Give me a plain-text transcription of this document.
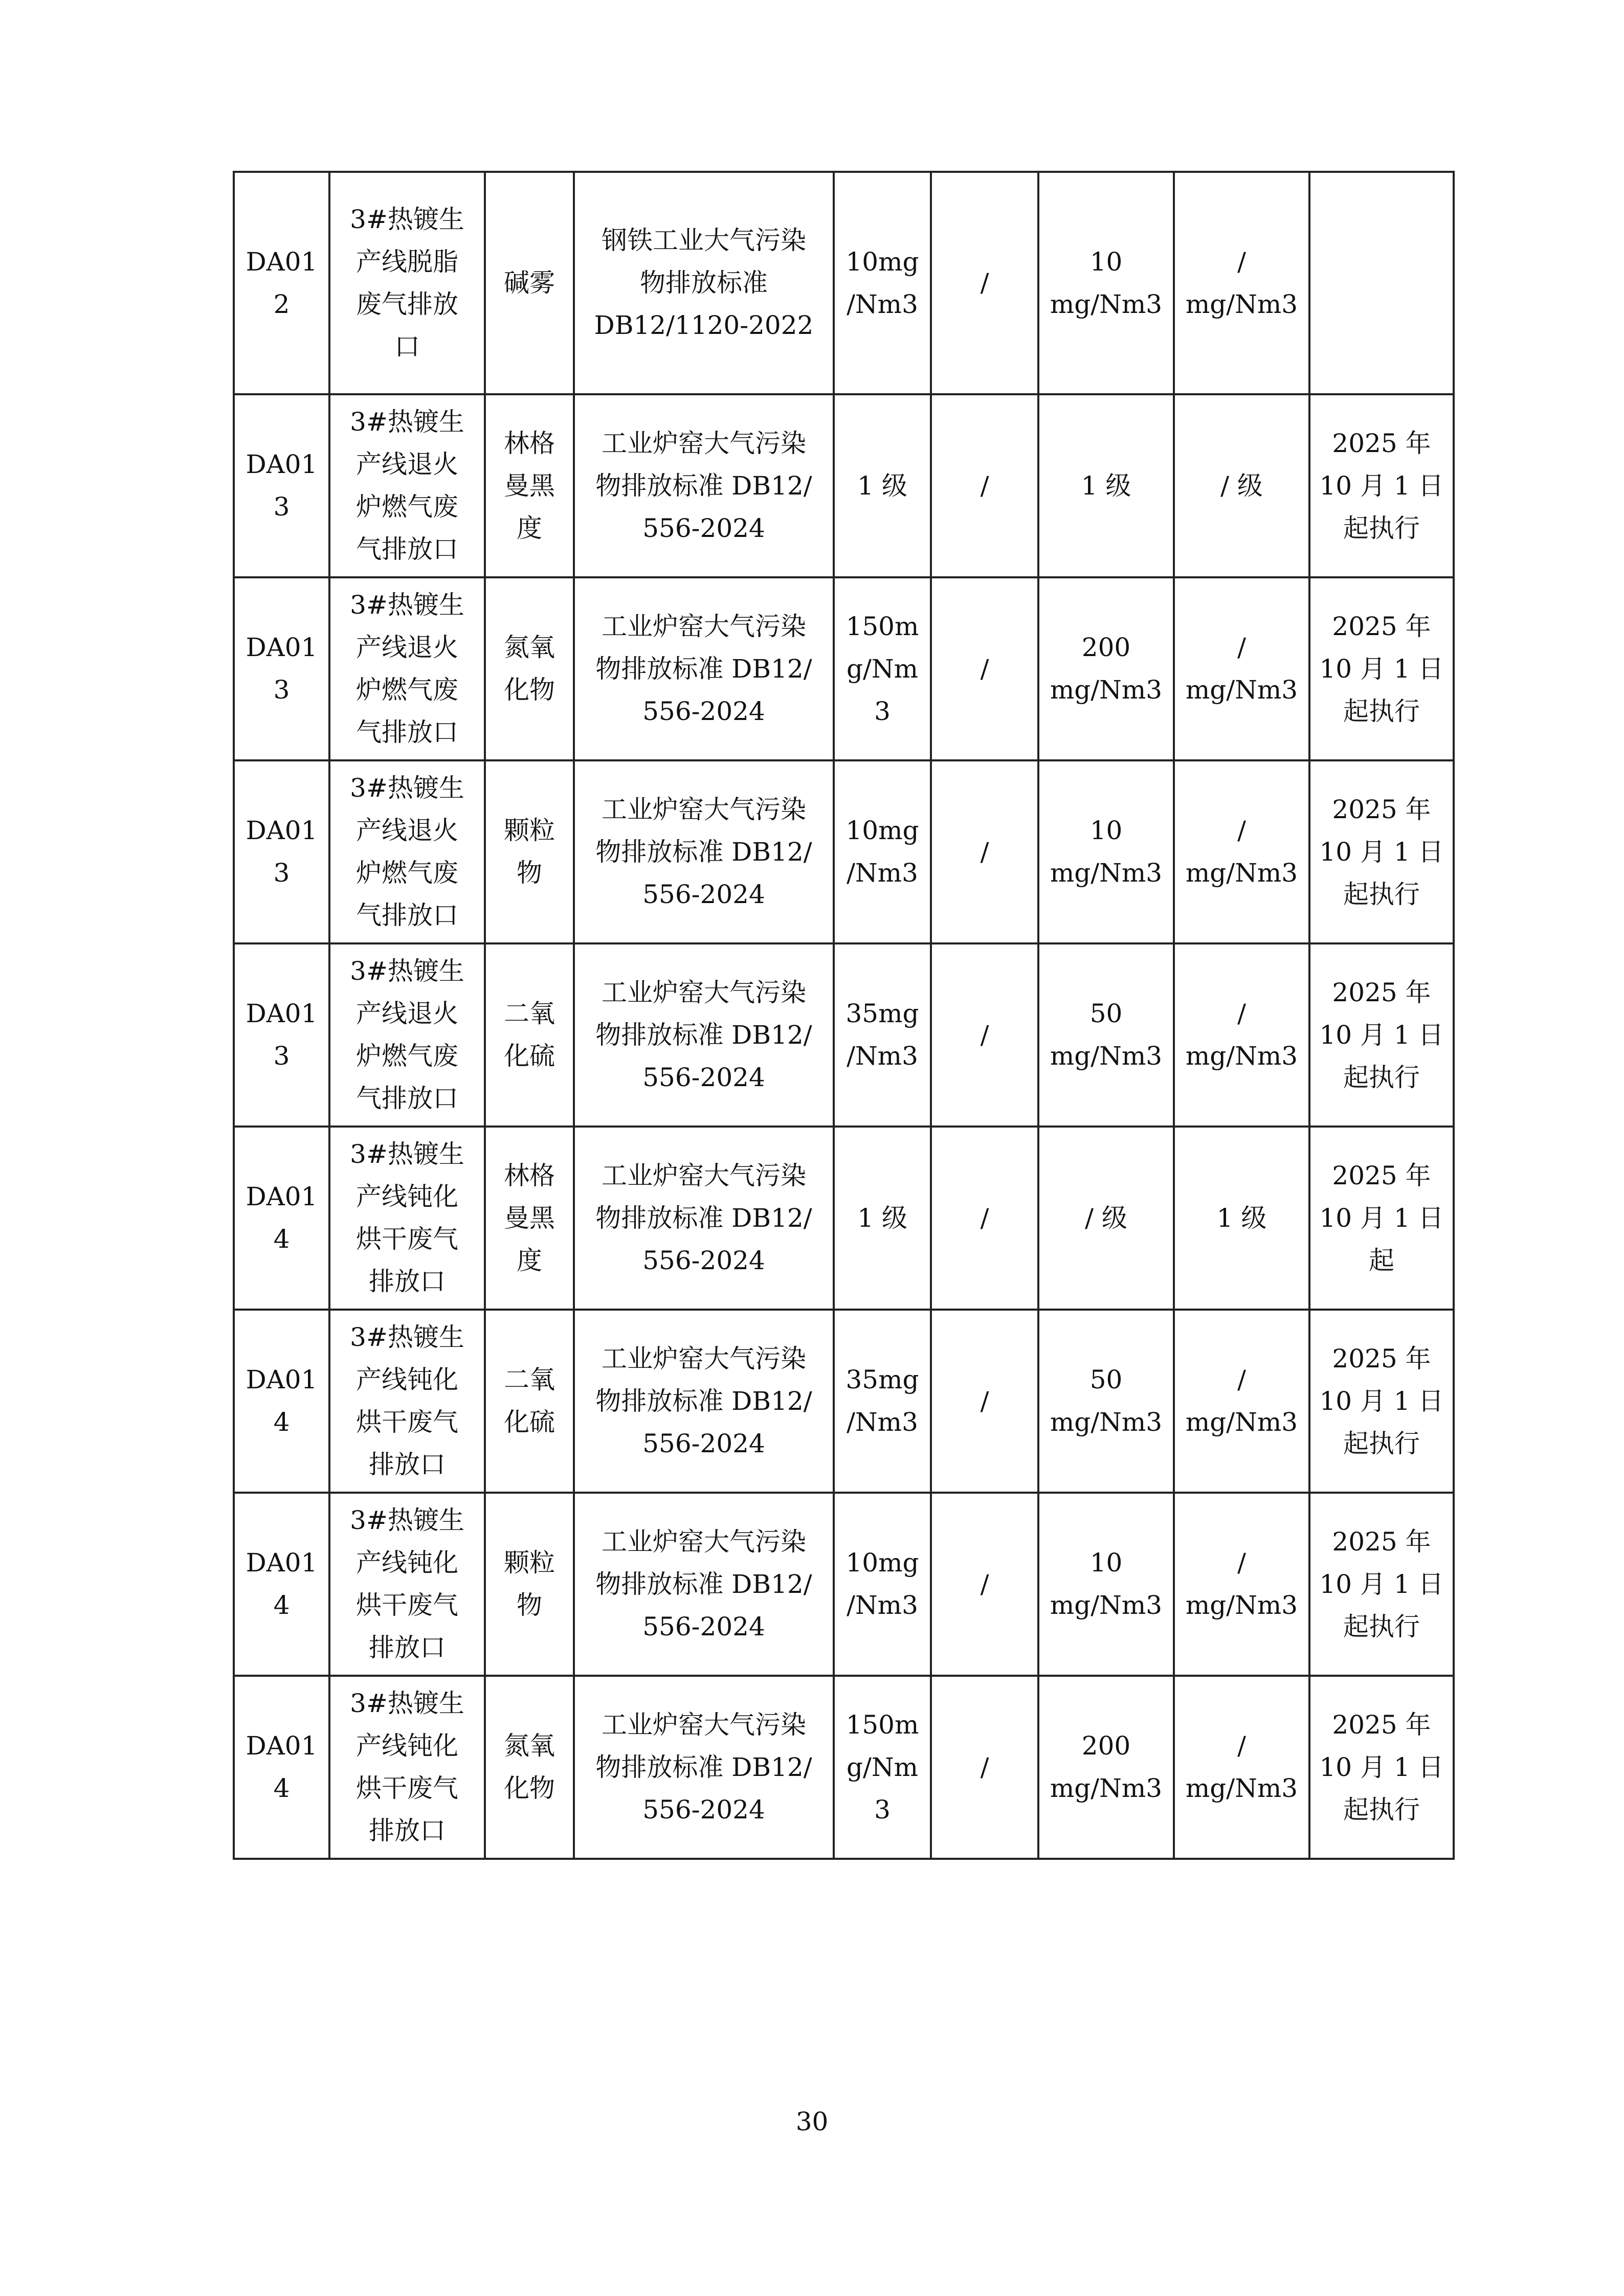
DA01
2	3#热镀生
产线脱脂
废气排放
口	碱雾	钢铁工业大气污染
物排放标准
DB12/1120-2022	10mg
/Nm3	/	10
mg/Nm3	/
mg/Nm3	
DA01
3	3#热镀生
产线退火
炉燃气废
气排放口	林格
曼黑
度	工业炉窑大气污染
物排放标准 DB12/
556-2024	1 级	/	1 级	/ 级	2025 年
10 月 1 日
起执行
DA01
3	3#热镀生
产线退火
炉燃气废
气排放口	氮氧
化物	工业炉窑大气污染
物排放标准 DB12/
556-2024	150m
g/Nm
3	/	200
mg/Nm3	/
mg/Nm3	2025 年
10 月 1 日
起执行
DA01
3	3#热镀生
产线退火
炉燃气废
气排放口	颗粒
物	工业炉窑大气污染
物排放标准 DB12/
556-2024	10mg
/Nm3	/	10
mg/Nm3	/
mg/Nm3	2025 年
10 月 1 日
起执行
DA01
3	3#热镀生
产线退火
炉燃气废
气排放口	二氧
化硫	工业炉窑大气污染
物排放标准 DB12/
556-2024	35mg
/Nm3	/	50
mg/Nm3	/
mg/Nm3	2025 年
10 月 1 日
起执行
DA01
4	3#热镀生
产线钝化
烘干废气
排放口	林格
曼黑
度	工业炉窑大气污染
物排放标准 DB12/
556-2024	1 级	/	/ 级	1 级	2025 年
10 月 1 日
起
DA01
4	3#热镀生
产线钝化
烘干废气
排放口	二氧
化硫	工业炉窑大气污染
物排放标准 DB12/
556-2024	35mg
/Nm3	/	50
mg/Nm3	/
mg/Nm3	2025 年
10 月 1 日
起执行
DA01
4	3#热镀生
产线钝化
烘干废气
排放口	颗粒
物	工业炉窑大气污染
物排放标准 DB12/
556-2024	10mg
/Nm3	/	10
mg/Nm3	/
mg/Nm3	2025 年
10 月 1 日
起执行
DA01
4	3#热镀生
产线钝化
烘干废气
排放口	氮氧
化物	工业炉窑大气污染
物排放标准 DB12/
556-2024	150m
g/Nm
3	/	200
mg/Nm3	/
mg/Nm3	2025 年
10 月 1 日
起执行
30
